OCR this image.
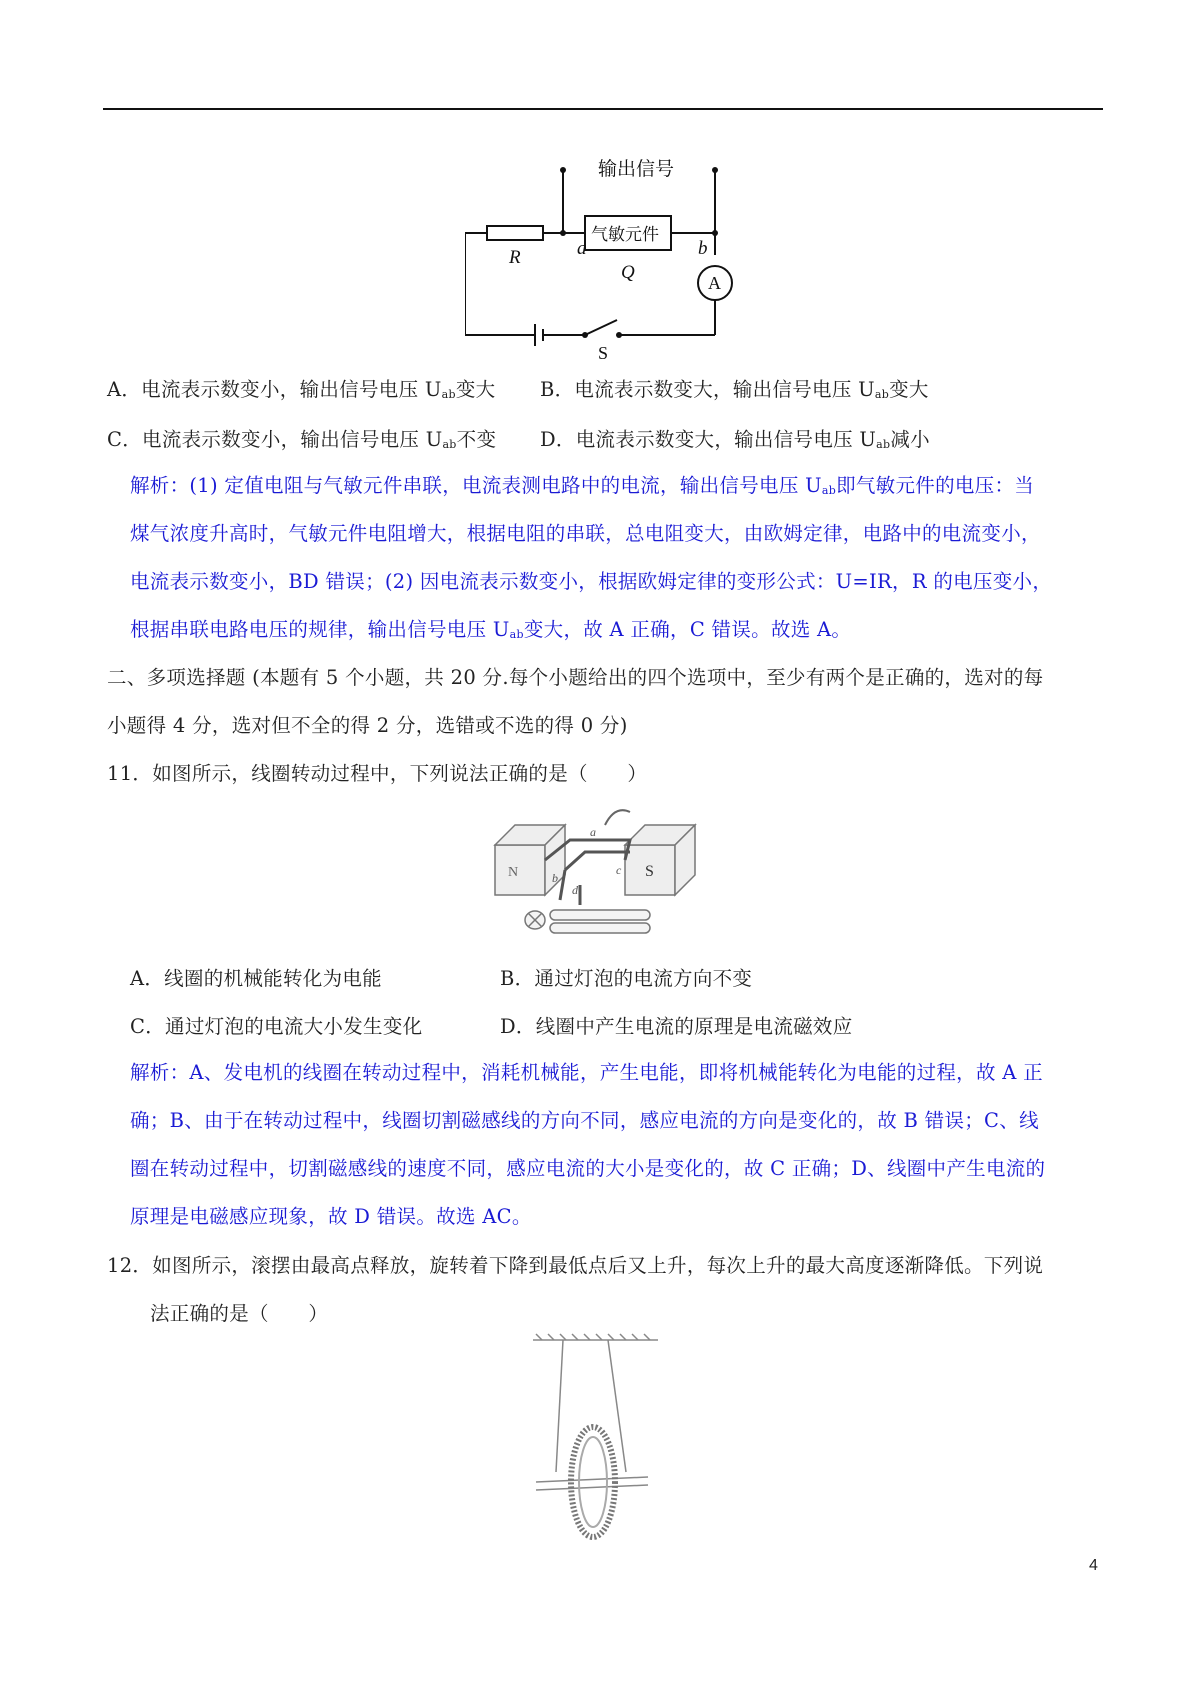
输出信号
气敏元件
R	a	b
Q	A
S
A．电流表示数变小，输出信号电压 Uab变大 B．电流表示数变大，输出信号电压 Uab变大
C．电流表示数变小，输出信号电压 Uab不变 D．电流表示数变大，输出信号电压 Uab减小
解析：(1) 定值电阻与气敏元件串联，电流表测电路中的电流，输出信号电压 Uab即气敏元件的电压：当
煤气浓度升高时，气敏元件电阻增大，根据电阻的串联，总电阻变大，由欧姆定律，电路中的电流变小，
电流表示数变小，BD 错误；(2) 因电流表示数变小，根据欧姆定律的变形公式：U=IR，R 的电压变小，
根据串联电路电压的规律，输出信号电压 Uab变大，故 A 正确，C 错误。故选 A。
二、多项选择题 (本题有 5 个小题，共 20 分.每个小题给出的四个选项中，至少有两个是正确的，选对的每
小题得 4 分，选对但不全的得 2 分，选错或不选的得 0 分)
11．如图所示，线圈转动过程中，下列说法正确的是（　　）
N	S
a
b
c
d
A．线圈的机械能转化为电能	B．通过灯泡的电流方向不变
C．通过灯泡的电流大小发生变化	D．线圈中产生电流的原理是电流磁效应
解析：A、发电机的线圈在转动过程中，消耗机械能，产生电能，即将机械能转化为电能的过程，故 A 正
确；B、由于在转动过程中，线圈切割磁感线的方向不同，感应电流的方向是变化的，故 B 错误；C、线
圈在转动过程中，切割磁感线的速度不同，感应电流的大小是变化的，故 C 正确；D、线圈中产生电流的
原理是电磁感应现象，故 D 错误。故选 AC。
12．如图所示，滚摆由最高点释放，旋转着下降到最低点后又上升，每次上升的最大高度逐渐降低。下列说
法正确的是（　　）
4
